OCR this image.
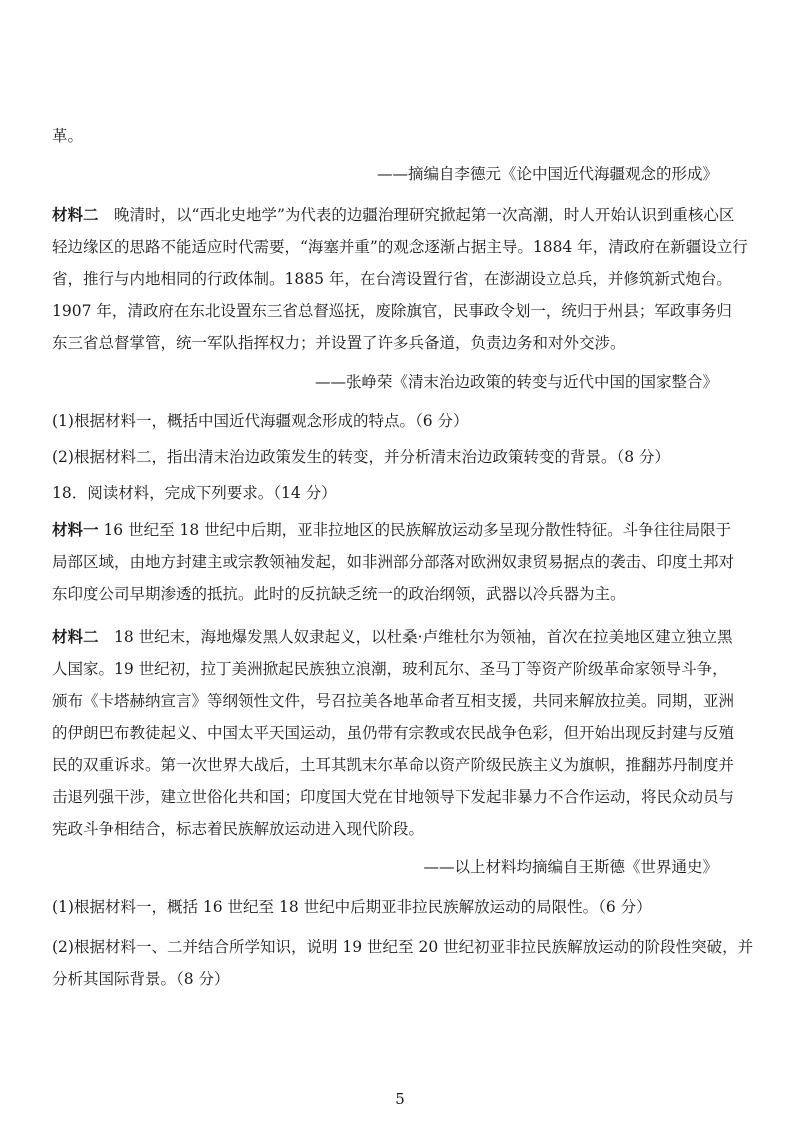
革。
——摘编自李德元《论中国近代海疆观念的形成》
材料二　晚清时，以“西北史地学”为代表的边疆治理研究掀起第一次高潮，时人开始认识到重核心区
轻边缘区的思路不能适应时代需要，“海塞并重”的观念逐渐占据主导。1884 年，清政府在新疆设立行
省，推行与内地相同的行政体制。1885 年，在台湾设置行省，在澎湖设立总兵，并修筑新式炮台。
1907 年，清政府在东北设置东三省总督巡抚，废除旗官，民事政令划一，统归于州县；军政事务归
东三省总督掌管，统一军队指挥权力；并设置了许多兵备道，负责边务和对外交涉。
——张峥荣《清末治边政策的转变与近代中国的国家整合》
(1)根据材料一，概括中国近代海疆观念形成的特点。（6 分）
(2)根据材料二，指出清末治边政策发生的转变，并分析清末治边政策转变的背景。（8 分）
18．阅读材料，完成下列要求。（14 分）
材料一 16 世纪至 18 世纪中后期，亚非拉地区的民族解放运动多呈现分散性特征。斗争往往局限于
局部区域，由地方封建主或宗教领袖发起，如非洲部分部落对欧洲奴隶贸易据点的袭击、印度土邦对
东印度公司早期渗透的抵抗。此时的反抗缺乏统一的政治纲领，武器以冷兵器为主。
材料二　18 世纪末，海地爆发黑人奴隶起义，以杜桑·卢维杜尔为领袖，首次在拉美地区建立独立黑
人国家。19 世纪初，拉丁美洲掀起民族独立浪潮，玻利瓦尔、圣马丁等资产阶级革命家领导斗争，
颁布《卡塔赫纳宣言》等纲领性文件，号召拉美各地革命者互相支援，共同来解放拉美。同期，亚洲
的伊朗巴布教徒起义、中国太平天国运动，虽仍带有宗教或农民战争色彩，但开始出现反封建与反殖
民的双重诉求。第一次世界大战后，土耳其凯末尔革命以资产阶级民族主义为旗帜，推翻苏丹制度并
击退列强干涉，建立世俗化共和国；印度国大党在甘地领导下发起非暴力不合作运动，将民众动员与
宪政斗争相结合，标志着民族解放运动进入现代阶段。
——以上材料均摘编自王斯德《世界通史》
(1)根据材料一，概括 16 世纪至 18 世纪中后期亚非拉民族解放运动的局限性。（6 分）
(2)根据材料一、二并结合所学知识，说明 19 世纪至 20 世纪初亚非拉民族解放运动的阶段性突破，并
分析其国际背景。（8 分）
5
